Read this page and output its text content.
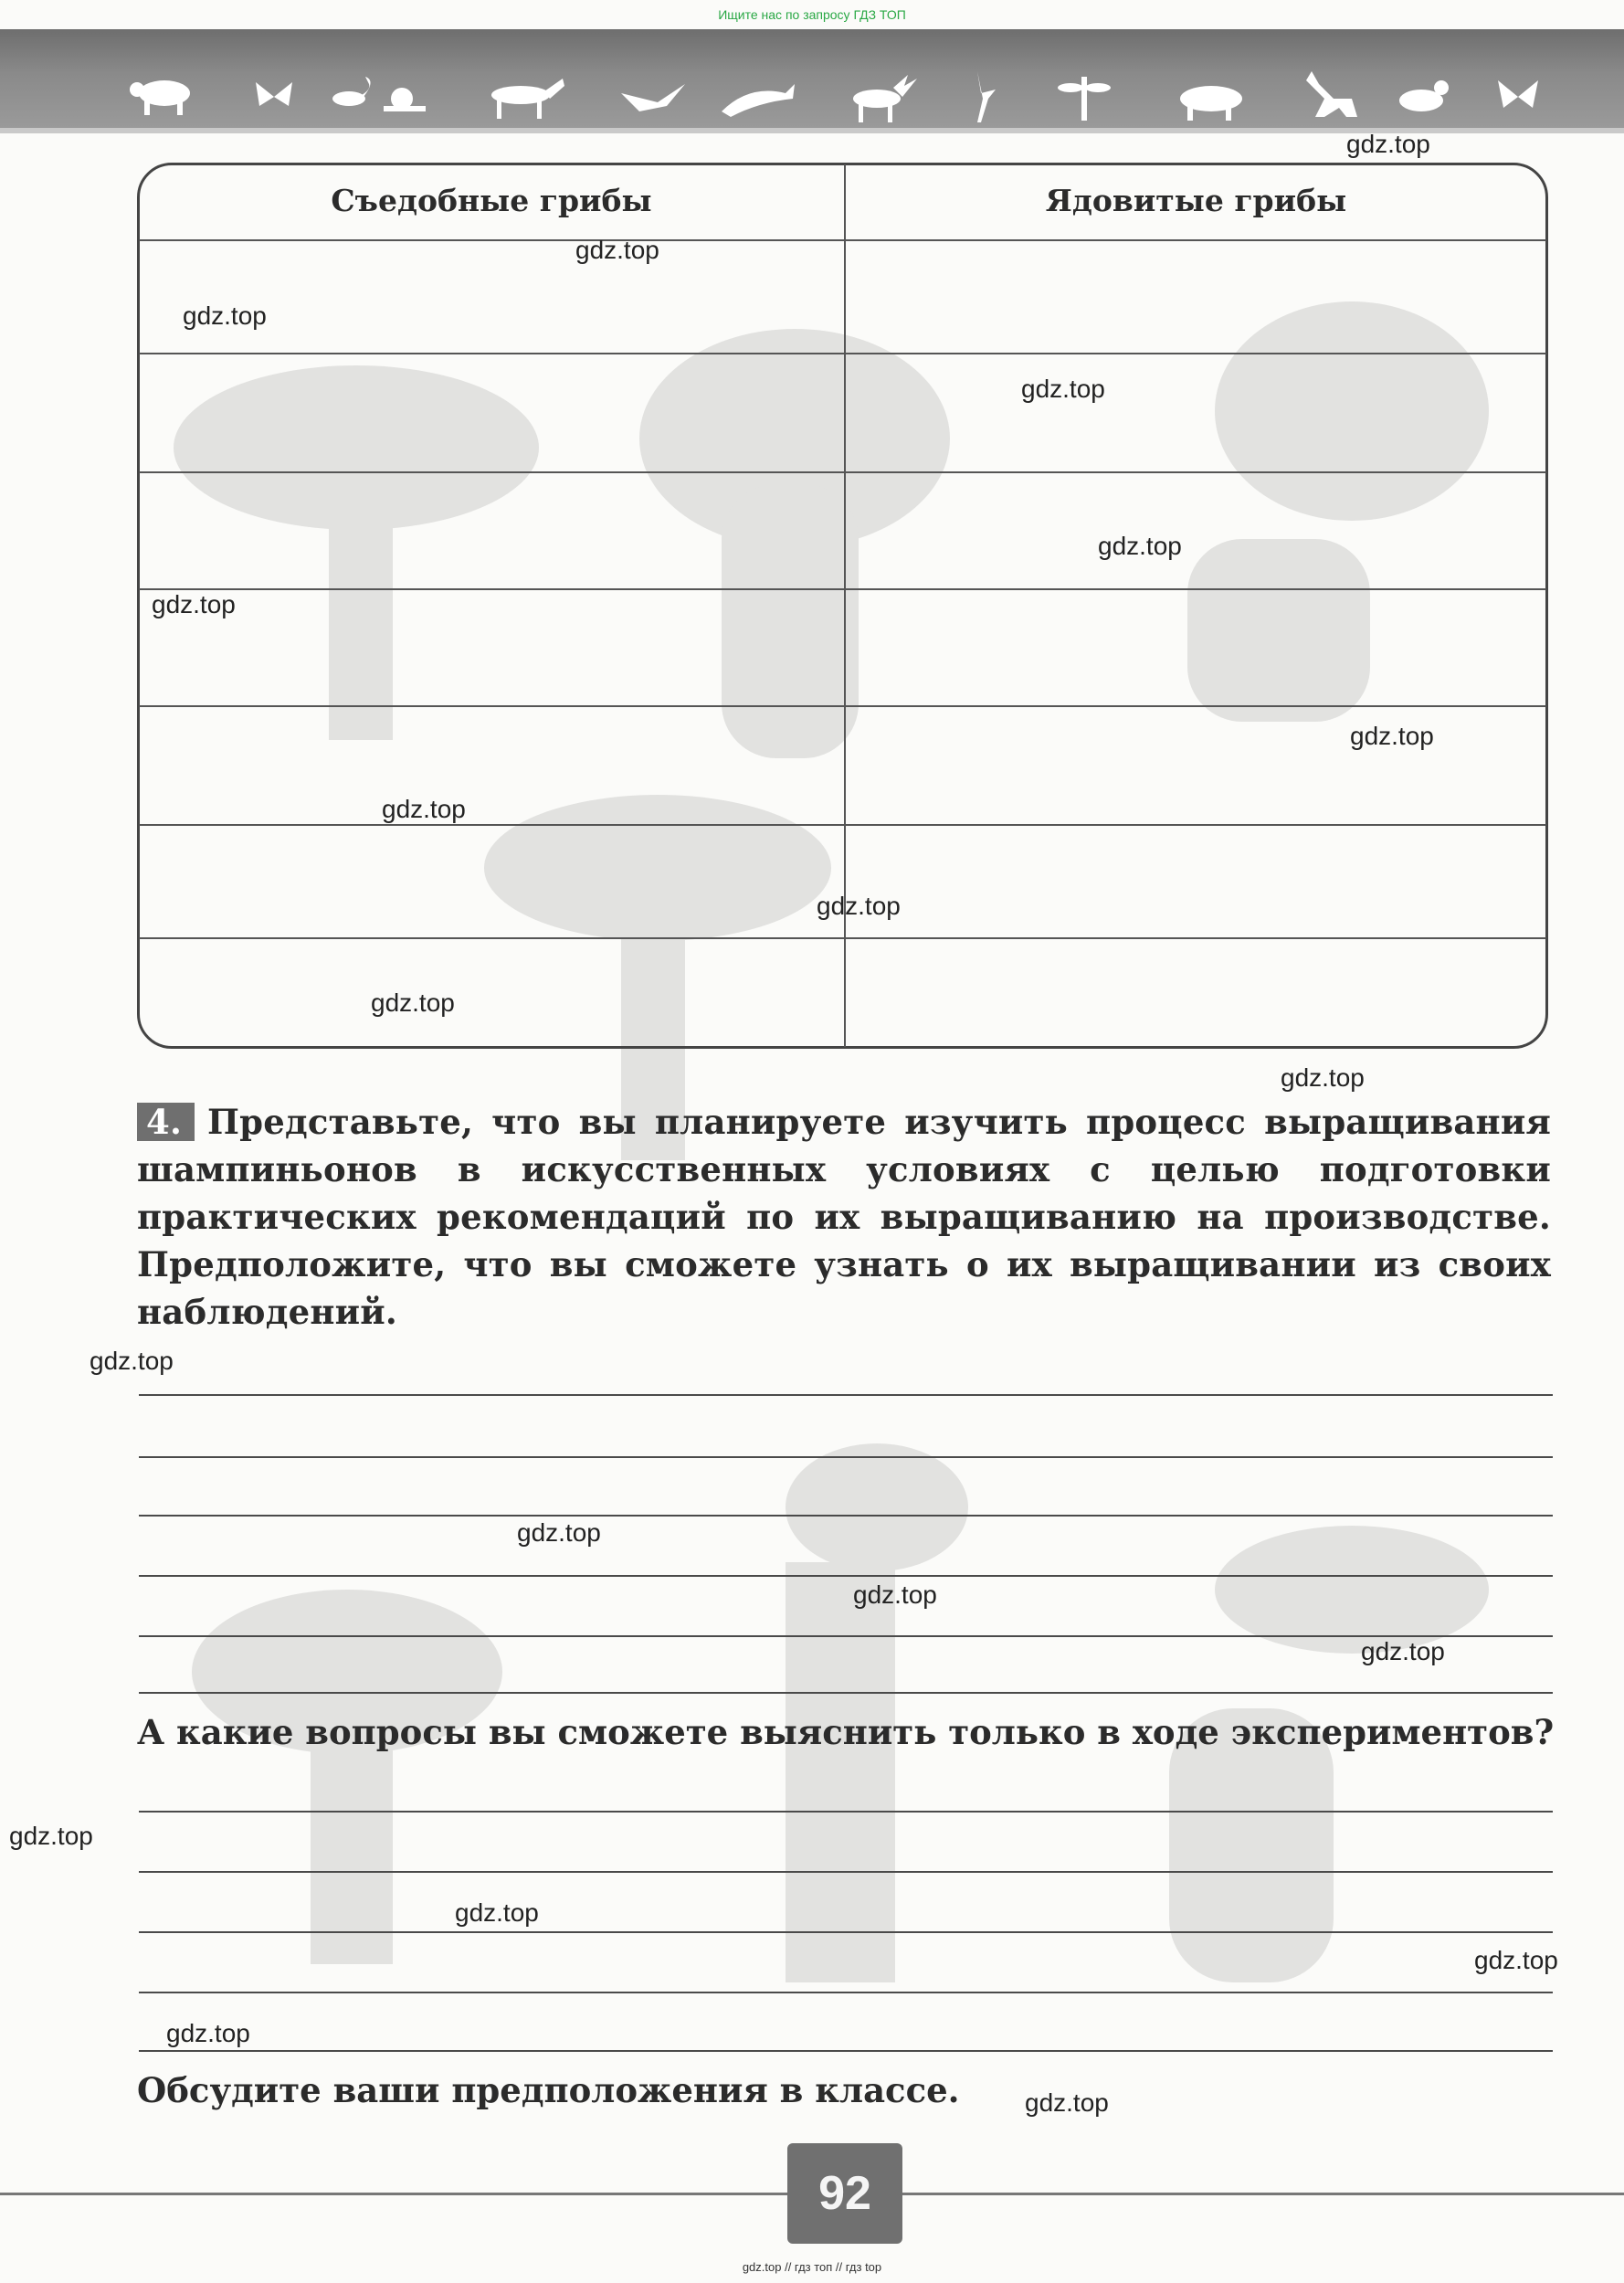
Ищите нас по запросу ГДЗ ТОП
Съедобные грибы	Ядовитые грибы
4. Представьте, что вы планируете изучить процесс выращивания шампиньонов в искусственных условиях с целью подготовки практических рекомендаций по их выращиванию на производстве. Предположите, что вы сможете узнать о их выращивании из своих наблюдений.
А какие вопросы вы сможете выяснить только в ходе экспериментов?
Обсудите ваши предположения в классе.
92
gdz.top // гдз топ // гдз top
gdz.top
gdz.top
gdz.top
gdz.top
gdz.top
gdz.top
gdz.top
gdz.top
gdz.top
gdz.top
gdz.top
gdz.top
gdz.top
gdz.top
gdz.top
gdz.top
gdz.top
gdz.top
gdz.top
gdz.top
